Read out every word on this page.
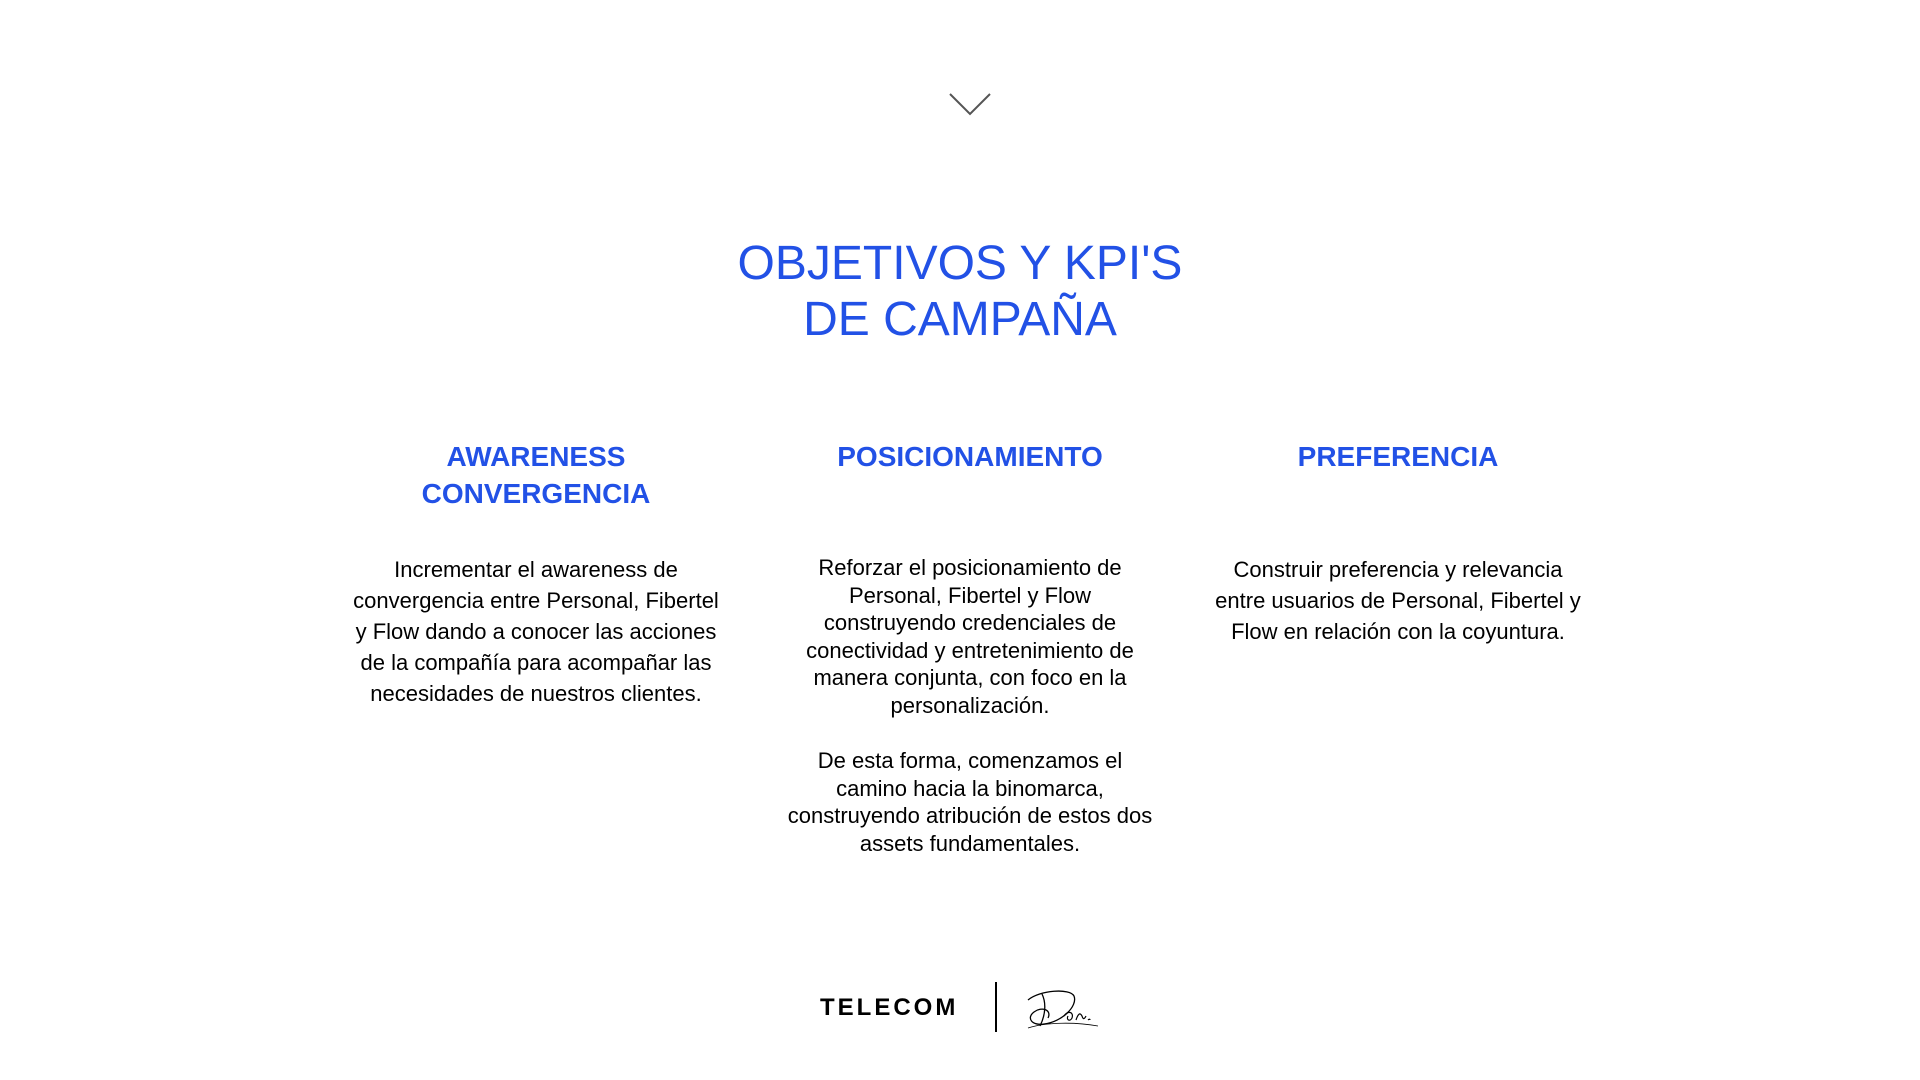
OBJETIVOS Y KPI'S
DE CAMPAÑA
AWARENESS
CONVERGENCIA

Incrementar el awareness de
convergencia entre Personal, Fibertel
y Flow dando a conocer las acciones
de la compañía para acompañar las
necesidades de nuestros clientes.

POSICIONAMIENTO

Reforzar el posicionamiento de
Personal, Fibertel y Flow
construyendo credenciales de
conectividad y entretenimiento de
manera conjunta, con foco en la
personalización.
De esta forma, comenzamos el
camino hacia la binomarca,
construyendo atribución de estos dos
assets fundamentales.

PREFERENCIA

Construir preferencia y relevancia
entre usuarios de Personal, Fibertel y
Flow en relación con la coyuntura.

TELECOM
